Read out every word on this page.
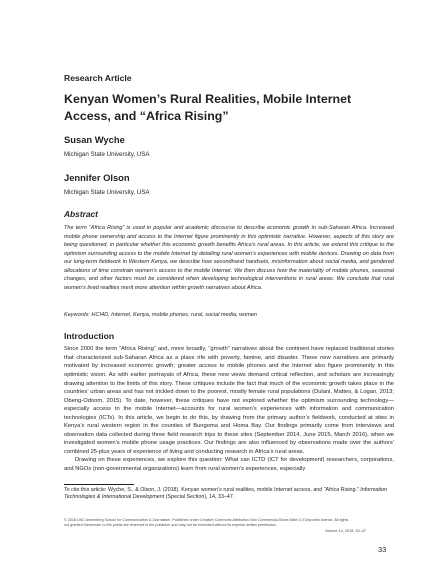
Research Article

Kenyan Women’s Rural Realities, Mobile Internet Access, and “Africa Rising”

Susan Wyche

Michigan State University, USA

Jennifer Olson

Michigan State University, USA

Abstract

The term “Africa Rising” is used in popular and academic discourse to describe economic growth in sub-Saharan Africa. Increased mobile phone ownership and access to the Internet figure prominently in this optimistic narrative. However, aspects of this story are being questioned, in particular whether this economic growth benefits Africa’s rural areas. In this article, we extend this critique to the optimism surrounding access to the mobile Internet by detailing rural women’s experiences with mobile devices. Drawing on data from our long-term fieldwork in Western Kenya, we describe how secondhand handsets, misinformation about social media, and gendered allocations of time constrain women’s access to the mobile Internet. We then discuss how the materiality of mobile phones, seasonal changes, and other factors must be considered when developing technological interventions in rural areas. We conclude that rural women’s lived realities merit more attention within growth narratives about Africa.

Keywords: HCI4D, Internet, Kenya, mobile phones, rural, social media, women

Introduction

Since 2000 the term “Africa Rising” and, more broadly, “growth” narratives about the continent have replaced traditional stories that characterized sub-Saharan Africa as a place rife with poverty, famine, and disaster. These new narratives are primarily motivated by increased economic growth; greater access to mobile phones and the Internet also figure prominently in this optimistic vision. As with earlier portrayals of Africa, these new views demand critical reflection, and scholars are increasingly drawing attention to the limits of this story. These critiques include the fact that much of the economic growth takes place in the countries’ urban areas and has not trickled down to the poorest, mostly female rural populations (Dulani, Mattes, & Logan, 2013; Obeng-Odoom, 2015). To date, however, these critiques have not explored whether the optimism surrounding technology—especially access to the mobile Internet—accounts for rural women’s experiences with information and communication technologies (ICTs). In this article, we begin to do this, by drawing from the primary author’s fieldwork, conducted at sites in Kenya’s rural western region in the counties of Bungoma and Homa Bay. Our findings primarily come from interviews and observation data collected during three field research trips to these sites (September 2014, June 2015, March 2016), when we investigated women’s mobile phone usage practices. Our findings are also influenced by observations made over the authors’ combined 25-plus years of experience of living and conducting research in Africa’s rural areas.

Drawing on these experiences, we explore this question: What can ICTD (ICT for development) researchers, corporations, and NGOs (non-governmental organizations) learn from rural women’s experiences, especially

To cite this article: Wyche, S., & Olson, J. (2018). Kenyan women’s rural realities, mobile Internet access, and “Africa Rising.” Information Technologies & International Development (Special Section), 14, 33–47.

© 2018 USC Annenberg School for Communication & Journalism. Published under Creative Commons Attribution-Non Commercial-Share Alike 3.0 Unported license. All rights not granted thereunder to the public are reserved to the publisher and may not be exercised without its express written permission.

Volume 14, 2018, 33–47
33
